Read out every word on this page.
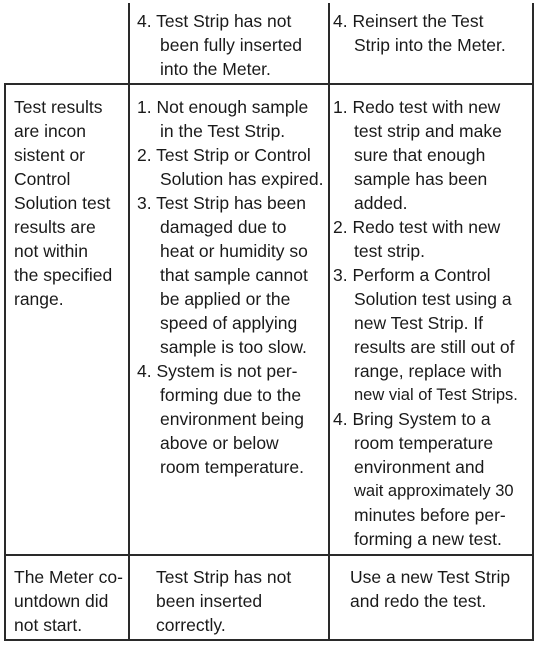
4. Test Strip has not
been fully inserted
into the Meter.
4. Reinsert the Test
Strip into the Meter.
Test results
are incon
sistent or
Control
Solution test
results are
not within
the specified
range.
1. Not enough sample
in the Test Strip.
2. Test Strip or Control
Solution has expired.
3. Test Strip has been
damaged due to
heat or humidity so
that sample cannot
be applied or the
speed of applying
sample is too slow.
4. System is not per-
forming due to the
environment being
above or below
room temperature.
1. Redo test with new
test strip and make
sure that enough
sample has been
added.
2. Redo test with new
test strip.
3. Perform a Control
Solution test using a
new Test Strip. If
results are still out of
range, replace with
new vial of Test Strips.
4. Bring System to a
room temperature
environment and
wait approximately 30
minutes before per-
forming a new test.
The Meter co-
untdown did
not start.
Test Strip has not
been inserted
correctly.
Use a new Test Strip
and redo the test.
